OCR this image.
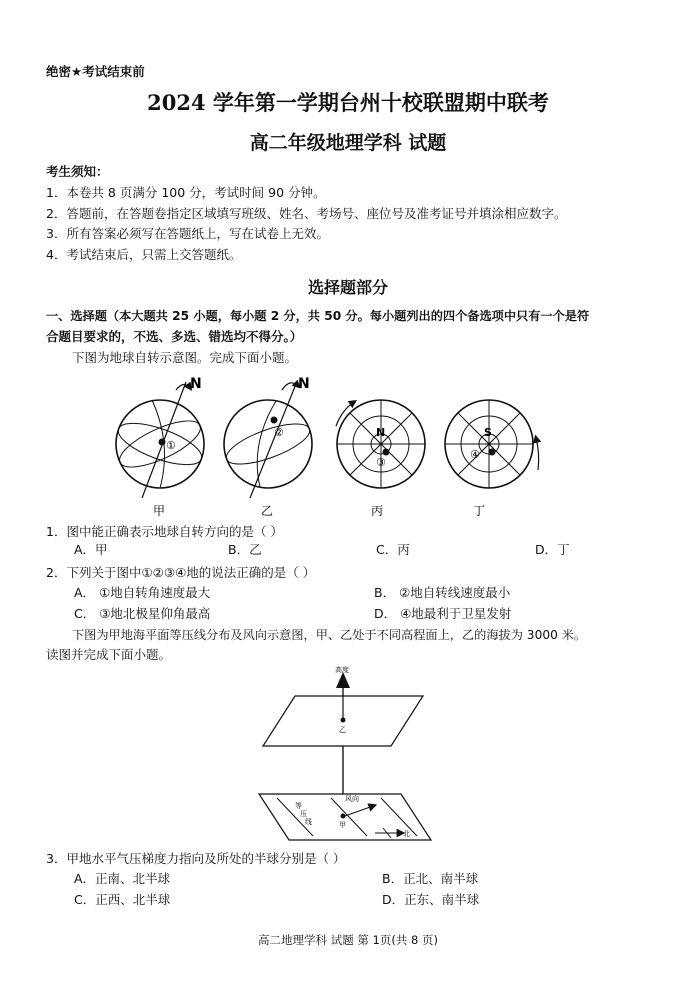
绝密★考试结束前
2024 学年第一学期台州十校联盟期中联考
高二年级地理学科 试题
考生须知：
1．本卷共 8 页满分 100 分，考试时间 90 分钟。
2．答题前，在答题卷指定区域填写班级、姓名、考场号、座位号及准考证号并填涂相应数字。
3．所有答案必须写在答题纸上，写在试卷上无效。
4．考试结束后，只需上交答题纸。
选择题部分
一、选择题（本大题共 25 小题，每小题 2 分，共 50 分。每小题列出的四个备选项中只有一个是符
合题目要求的，不选、多选、错选均不得分。）
下图为地球自转示意图。完成下面小题。
N
①
N
②	N
③
S
④
甲	乙	丙	丁
1．图中能正确表示地球自转方向的是（ ）
A．甲	B．乙	C．丙	D．丁
2．下列关于图中①②③④地的说法正确的是（ ）
A． ①地自转角速度最大	B． ②地自转线速度最小
C． ③地北极星仰角最高	D． ④地最利于卫星发射
下图为甲地海平面等压线分布及风向示意图，甲、乙处于不同高程面上，乙的海拔为 3000 米。
读图并完成下面小题。
高度
乙
风向
甲
等
压
线
北
3．甲地水平气压梯度力指向及所处的半球分别是（ ）
A．正南、北半球	B．正北、南半球
C．正西、北半球	D．正东、南半球
高二地理学科 试题 第 1页(共 8 页)
